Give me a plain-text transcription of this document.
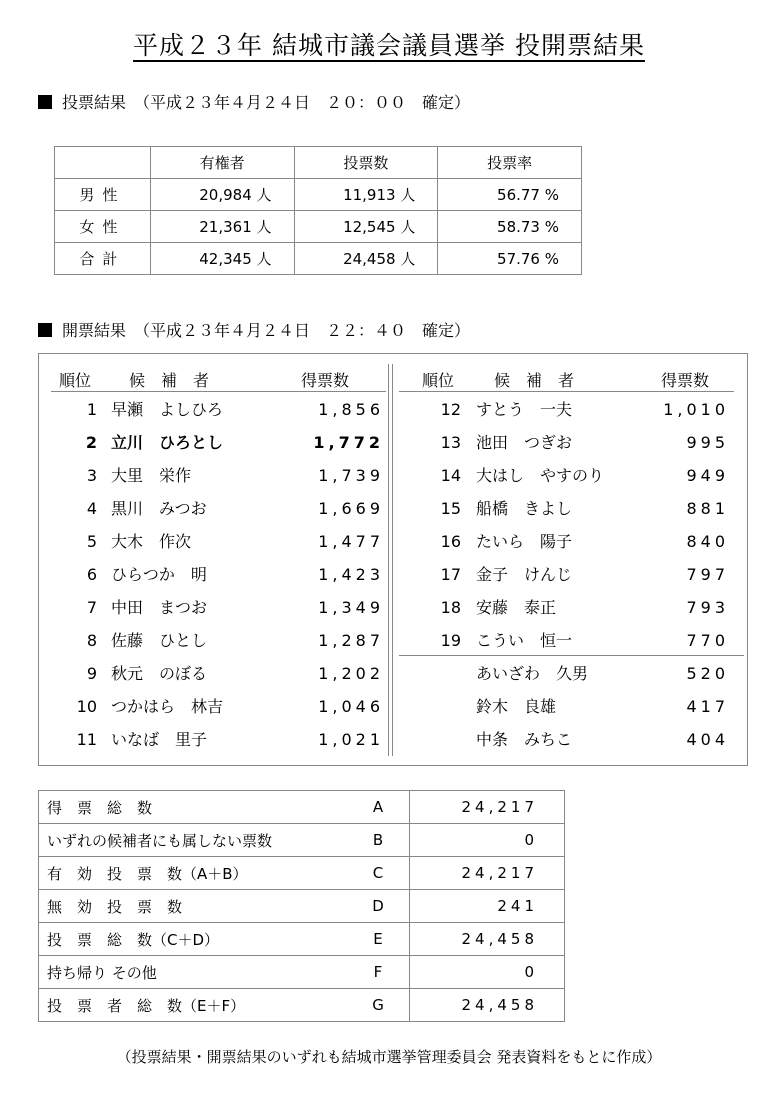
平成２３年 結城市議会議員選挙 投開票結果
投票結果　（平成２３年４月２４日　２０：００　確定）
	有権者	投票数	投票率
男性	20,984 人	11,913 人	56.77 %
女性	21,361 人	12,545 人	58.73 %
合計	42,345 人	24,458 人	57.76 %
開票結果　（平成２３年４月２４日　２２：４０　確定）
順位 候　補　者	得票数	順位 候　補　者	得票数
1 早瀬　よしひろ	1,856
2 立川　ひろとし	1,772
3 大里　栄作	1,739
4 黒川　みつお	1,669
5 大木　作次	1,477
6 ひらつか　明	1,423
7 中田　まつお	1,349
8 佐藤　ひとし	1,287
9 秋元　のぼる	1,202
10 つかはら　林吉	1,046
11 いなば　里子	1,021
12 すとう　一夫	1,010
13 池田　つぎお	995
14 大はし　やすのり	949
15 船橋　きよし	881
16 たいら　陽子	840
17 金子　けんじ	797
18 安藤　泰正	793
19 こうい　恒一	770
あいざわ　久男	520
鈴木　良雄	417
中条　みちこ	404
得　票　総　数	A	24,217
いずれの候補者にも属しない票数	B	0
有　効　投　票　数（A＋B）	C	24,217
無　効　投　票　数	D	241
投　票　総　数（C＋D）	E	24,458
持ち帰り その他	F	0
投　票　者　総　数（E＋F）	G	24,458
（投票結果・開票結果のいずれも結城市選挙管理委員会 発表資料をもとに作成）
